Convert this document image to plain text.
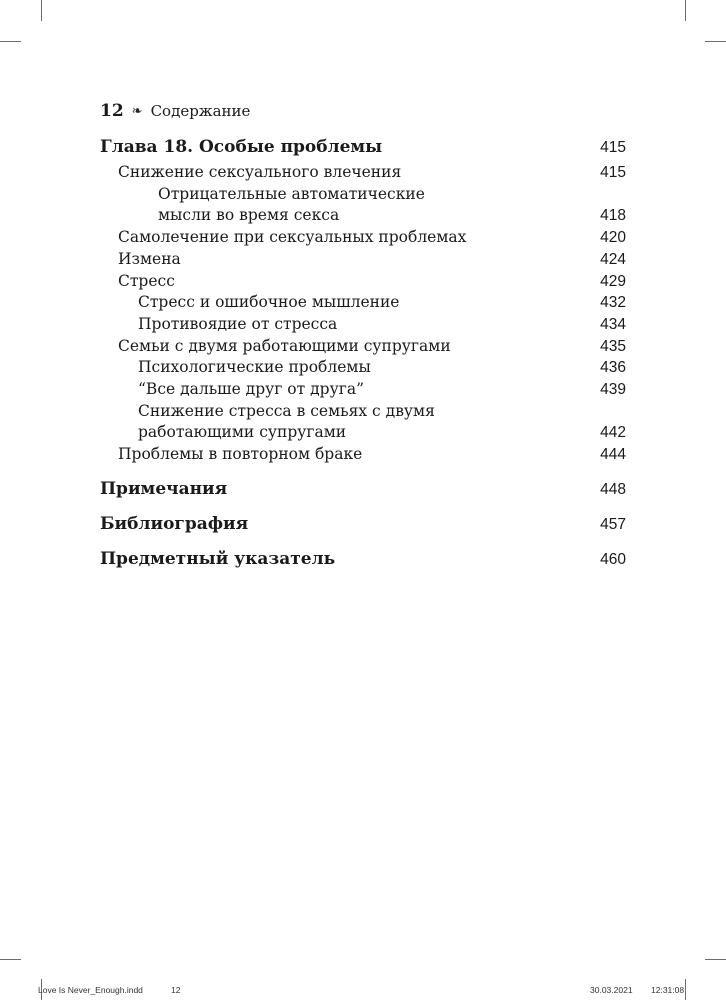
12 ❧ Содержание
Глава 18. Особые проблемы	415
Снижение сексуального влечения	415
Отрицательные автоматические
мысли во время секса	418
Самолечение при сексуальных проблемах	420
Измена	424
Стресс	429
Стресс и ошибочное мышление	432
Противоядие от стресса	434
Семьи с двумя работающими супругами	435
Психологические проблемы	436
“Все дальше друг от друга”	439
Снижение стресса в семьях с двумя
работающими супругами	442
Проблемы в повторном браке	444
Примечания	448
Библиография	457
Предметный указатель	460
Love Is Never_Enough.indd	12	30.03.2021 12:31:08
